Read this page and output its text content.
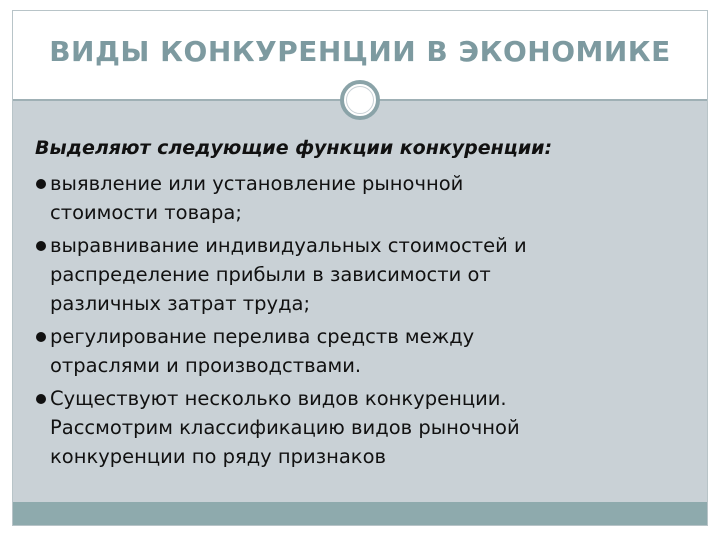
ВИДЫ КОНКУРЕНЦИИ В ЭКОНОМИКЕ
Выделяют следующие функции конкуренции:
выявление или установление рыночной
стоимости товара;
выравнивание индивидуальных стоимостей и
распределение прибыли в зависимости от
различных затрат труда;
регулирование перелива средств между
отраслями и производствами.
Существуют несколько видов конкуренции.
Рассмотрим классификацию видов рыночной
конкуренции по ряду признаков
